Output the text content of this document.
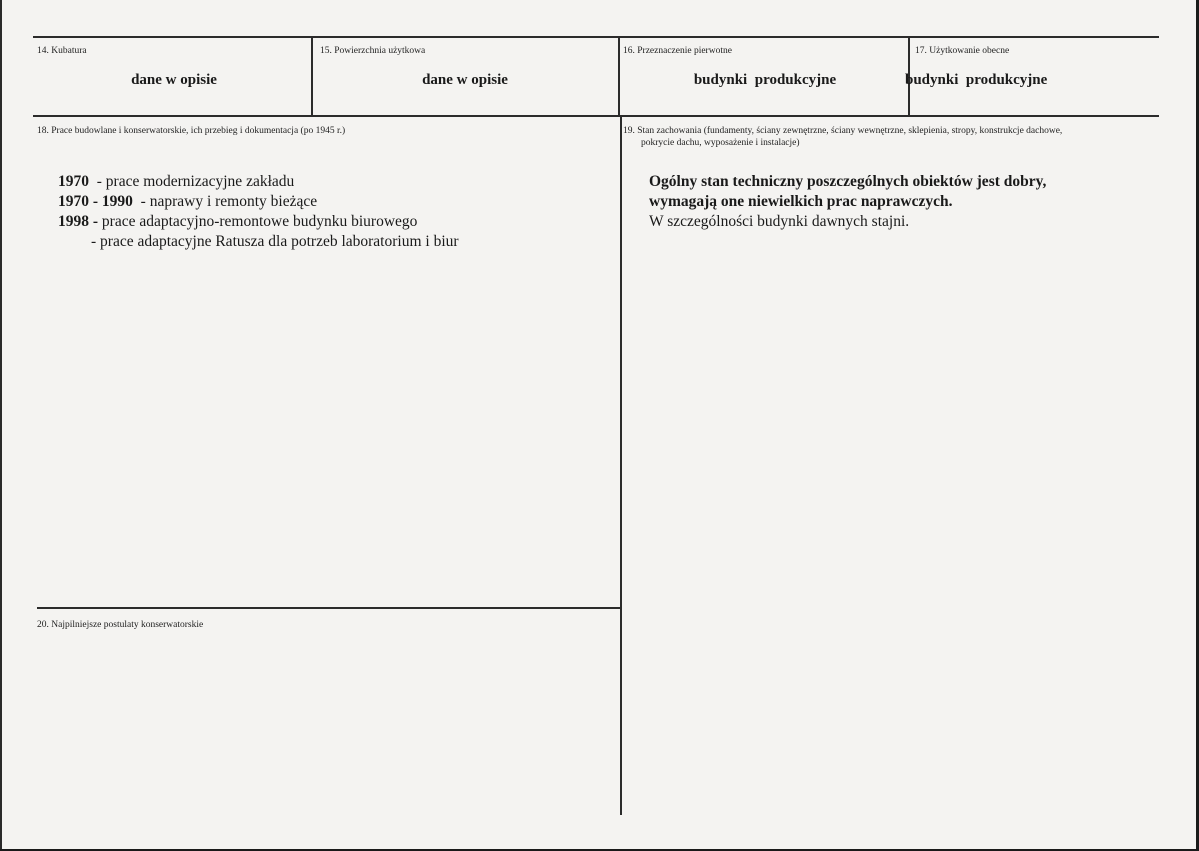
14. Kubatura
dane w opisie
15. Powierzchnia użytkowa
dane w opisie
16. Przeznaczenie pierwotne
budynki  produkcyjne
17. Użytkowanie obecne
budynki  produkcyjne
18. Prace budowlane i konserwatorskie, ich przebieg i dokumentacja (po 1945 r.)
1970  - prace modernizacyjne zakładu
1970 - 1990  - naprawy i remonty bieżące
1998 - prace adaptacyjno-remontowe budynku biurowego
- prace adaptacyjne Ratusza dla potrzeb laboratorium i biur
19. Stan zachowania (fundamenty, ściany zewnętrzne, ściany wewnętrzne, sklepienia, stropy, konstrukcje dachowe,
pokrycie dachu, wyposażenie i instalacje)
Ogólny stan techniczny poszczególnych obiektów jest dobry,
wymagają one niewielkich prac naprawczych.
W szczególności budynki dawnych stajni.
20. Najpilniejsze postulaty konserwatorskie
